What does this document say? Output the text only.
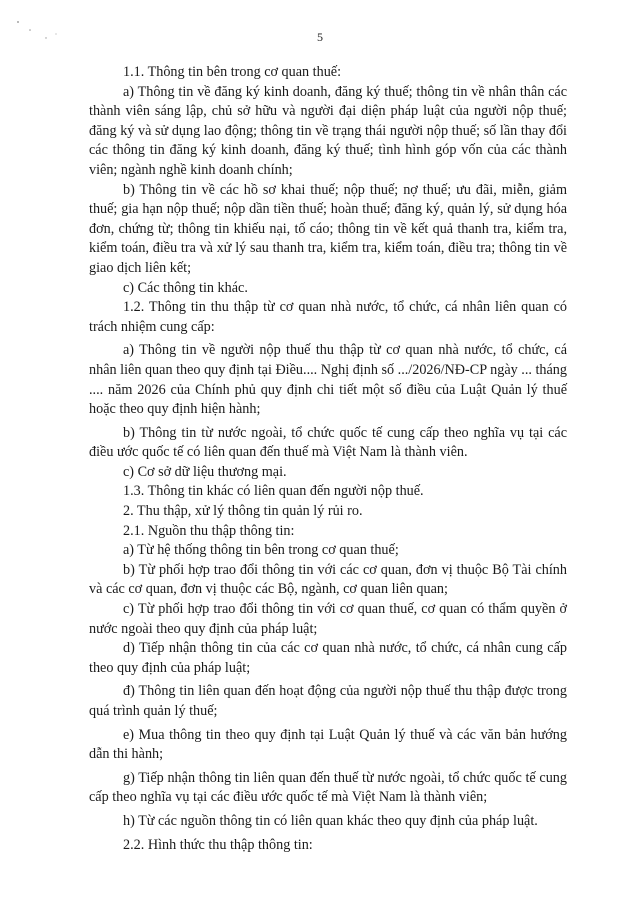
5

1.1. Thông tin bên trong cơ quan thuế:

a) Thông tin về đăng ký kinh doanh, đăng ký thuế; thông tin về nhân thân các thành viên sáng lập, chủ sở hữu và người đại diện pháp luật của người nộp thuế; đăng ký và sử dụng lao động; thông tin về trạng thái người nộp thuế; số lần thay đổi các thông tin đăng ký kinh doanh, đăng ký thuế; tình hình góp vốn của các thành viên; ngành nghề kinh doanh chính;

b) Thông tin về các hồ sơ khai thuế; nộp thuế; nợ thuế; ưu đãi, miễn, giảm thuế; gia hạn nộp thuế; nộp dần tiền thuế; hoàn thuế; đăng ký, quản lý, sử dụng hóa đơn, chứng từ; thông tin khiếu nại, tố cáo; thông tin về kết quả thanh tra, kiểm tra, kiểm toán, điều tra và xử lý sau thanh tra, kiểm tra, kiểm toán, điều tra; thông tin về giao dịch liên kết;

c) Các thông tin khác.

1.2. Thông tin thu thập từ cơ quan nhà nước, tổ chức, cá nhân liên quan có trách nhiệm cung cấp:

a) Thông tin về người nộp thuế thu thập từ cơ quan nhà nước, tổ chức, cá nhân liên quan theo quy định tại Điều.... Nghị định số .../2026/NĐ-CP ngày ... tháng .... năm 2026 của Chính phủ quy định chi tiết một số điều của Luật Quản lý thuế hoặc theo quy định hiện hành;

b) Thông tin từ nước ngoài, tổ chức quốc tế cung cấp theo nghĩa vụ tại các điều ước quốc tế có liên quan đến thuế mà Việt Nam là thành viên.

c) Cơ sở dữ liệu thương mại.

1.3. Thông tin khác có liên quan đến người nộp thuế.

2. Thu thập, xử lý thông tin quản lý rủi ro.

2.1. Nguồn thu thập thông tin:

a) Từ hệ thống thông tin bên trong cơ quan thuế;

b) Từ phối hợp trao đổi thông tin với các cơ quan, đơn vị thuộc Bộ Tài chính và các cơ quan, đơn vị thuộc các Bộ, ngành, cơ quan liên quan;

c) Từ phối hợp trao đổi thông tin với cơ quan thuế, cơ quan có thẩm quyền ở nước ngoài theo quy định của pháp luật;

d) Tiếp nhận thông tin của các cơ quan nhà nước, tổ chức, cá nhân cung cấp theo quy định của pháp luật;

đ) Thông tin liên quan đến hoạt động của người nộp thuế thu thập được trong quá trình quản lý thuế;

e) Mua thông tin theo quy định tại Luật Quản lý thuế và các văn bản hướng dẫn thi hành;

g) Tiếp nhận thông tin liên quan đến thuế từ nước ngoài, tổ chức quốc tế cung cấp theo nghĩa vụ tại các điều ước quốc tế mà Việt Nam là thành viên;

h) Từ các nguồn thông tin có liên quan khác theo quy định của pháp luật.

2.2. Hình thức thu thập thông tin:
